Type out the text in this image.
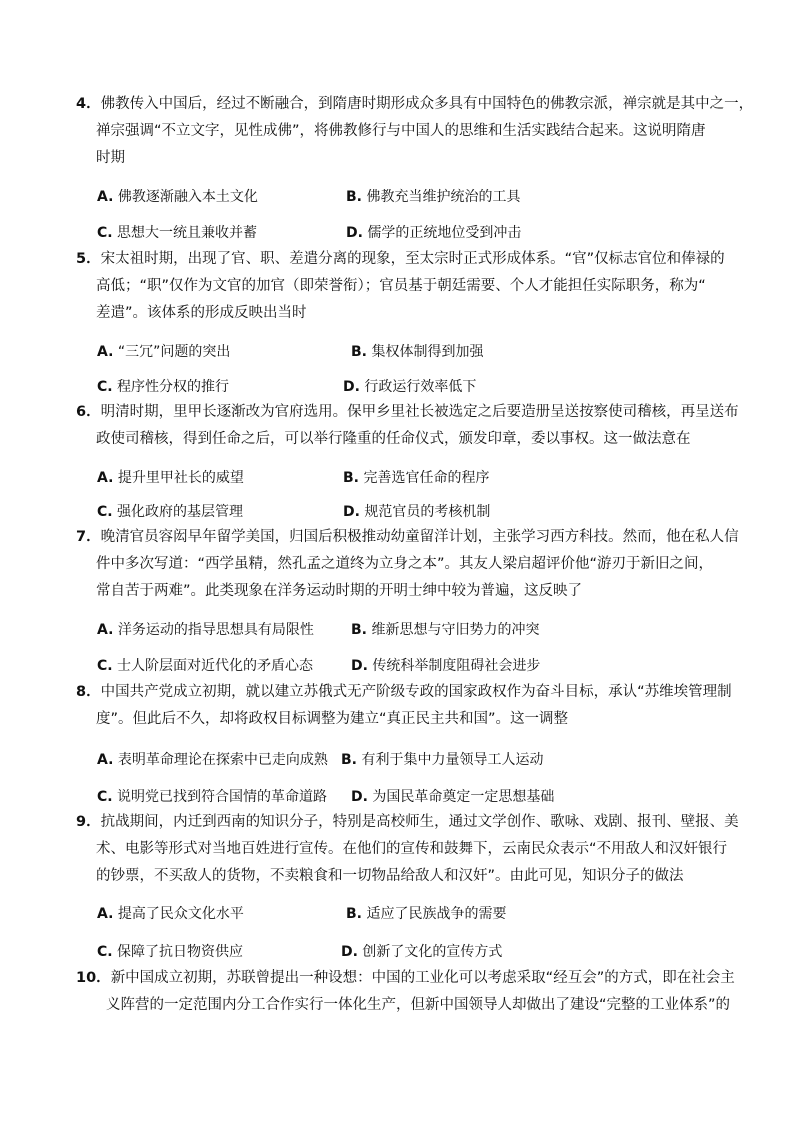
4．佛教传入中国后，经过不断融合，到隋唐时期形成众多具有中国特色的佛教宗派，禅宗就是其中之一，
禅宗强调“不立文字，见性成佛”，将佛教修行与中国人的思维和生活实践结合起来。这说明隋唐
时期
A. 佛教逐渐融入本土文化	B. 佛教充当维护统治的工具
C. 思想大一统且兼收并蓄	D. 儒学的正统地位受到冲击
5．宋太祖时期，出现了官、职、差遣分离的现象，至太宗时正式形成体系。“官”仅标志官位和俸禄的
高低；“职”仅作为文官的加官（即荣誉衔）；官员基于朝廷需要、个人才能担任实际职务，称为“
差遣”。该体系的形成反映出当时
A. “三冗”问题的突出	B. 集权体制得到加强
C. 程序性分权的推行	D. 行政运行效率低下
6．明清时期，里甲长逐渐改为官府选用。保甲乡里社长被选定之后要造册呈送按察使司稽核，再呈送布
政使司稽核，得到任命之后，可以举行隆重的任命仪式，颁发印章，委以事权。这一做法意在
A. 提升里甲社长的威望	B. 完善选官任命的程序
C. 强化政府的基层管理	D. 规范官员的考核机制
7．晚清官员容闳早年留学美国，归国后积极推动幼童留洋计划，主张学习西方科技。然而，他在私人信
件中多次写道：“西学虽精，然孔孟之道终为立身之本”。其友人梁启超评价他“游刃于新旧之间，
常自苦于两难”。此类现象在洋务运动时期的开明士绅中较为普遍，这反映了
A. 洋务运动的指导思想具有局限性	B. 维新思想与守旧势力的冲突
C. 士人阶层面对近代化的矛盾心态	D. 传统科举制度阻碍社会进步
8．中国共产党成立初期，就以建立苏俄式无产阶级专政的国家政权作为奋斗目标，承认“苏维埃管理制
度”。但此后不久，却将政权目标调整为建立“真正民主共和国”。这一调整
A. 表明革命理论在探索中已走向成熟 B. 有利于集中力量领导工人运动
C. 说明党已找到符合国情的革命道路 D. 为国民革命奠定一定思想基础
9．抗战期间，内迁到西南的知识分子，特别是高校师生，通过文学创作、歌咏、戏剧、报刊、壁报、美
术、电影等形式对当地百姓进行宣传。在他们的宣传和鼓舞下，云南民众表示“不用敌人和汉奸银行
的钞票，不买敌人的货物，不卖粮食和一切物品给敌人和汉奸”。由此可见，知识分子的做法
A. 提高了民众文化水平	B. 适应了民族战争的需要
C. 保障了抗日物资供应	D. 创新了文化的宣传方式
10．新中国成立初期，苏联曾提出一种设想：中国的工业化可以考虑采取“经互会”的方式，即在社会主
义阵营的一定范围内分工合作实行一体化生产，但新中国领导人却做出了建设“完整的工业体系”的
